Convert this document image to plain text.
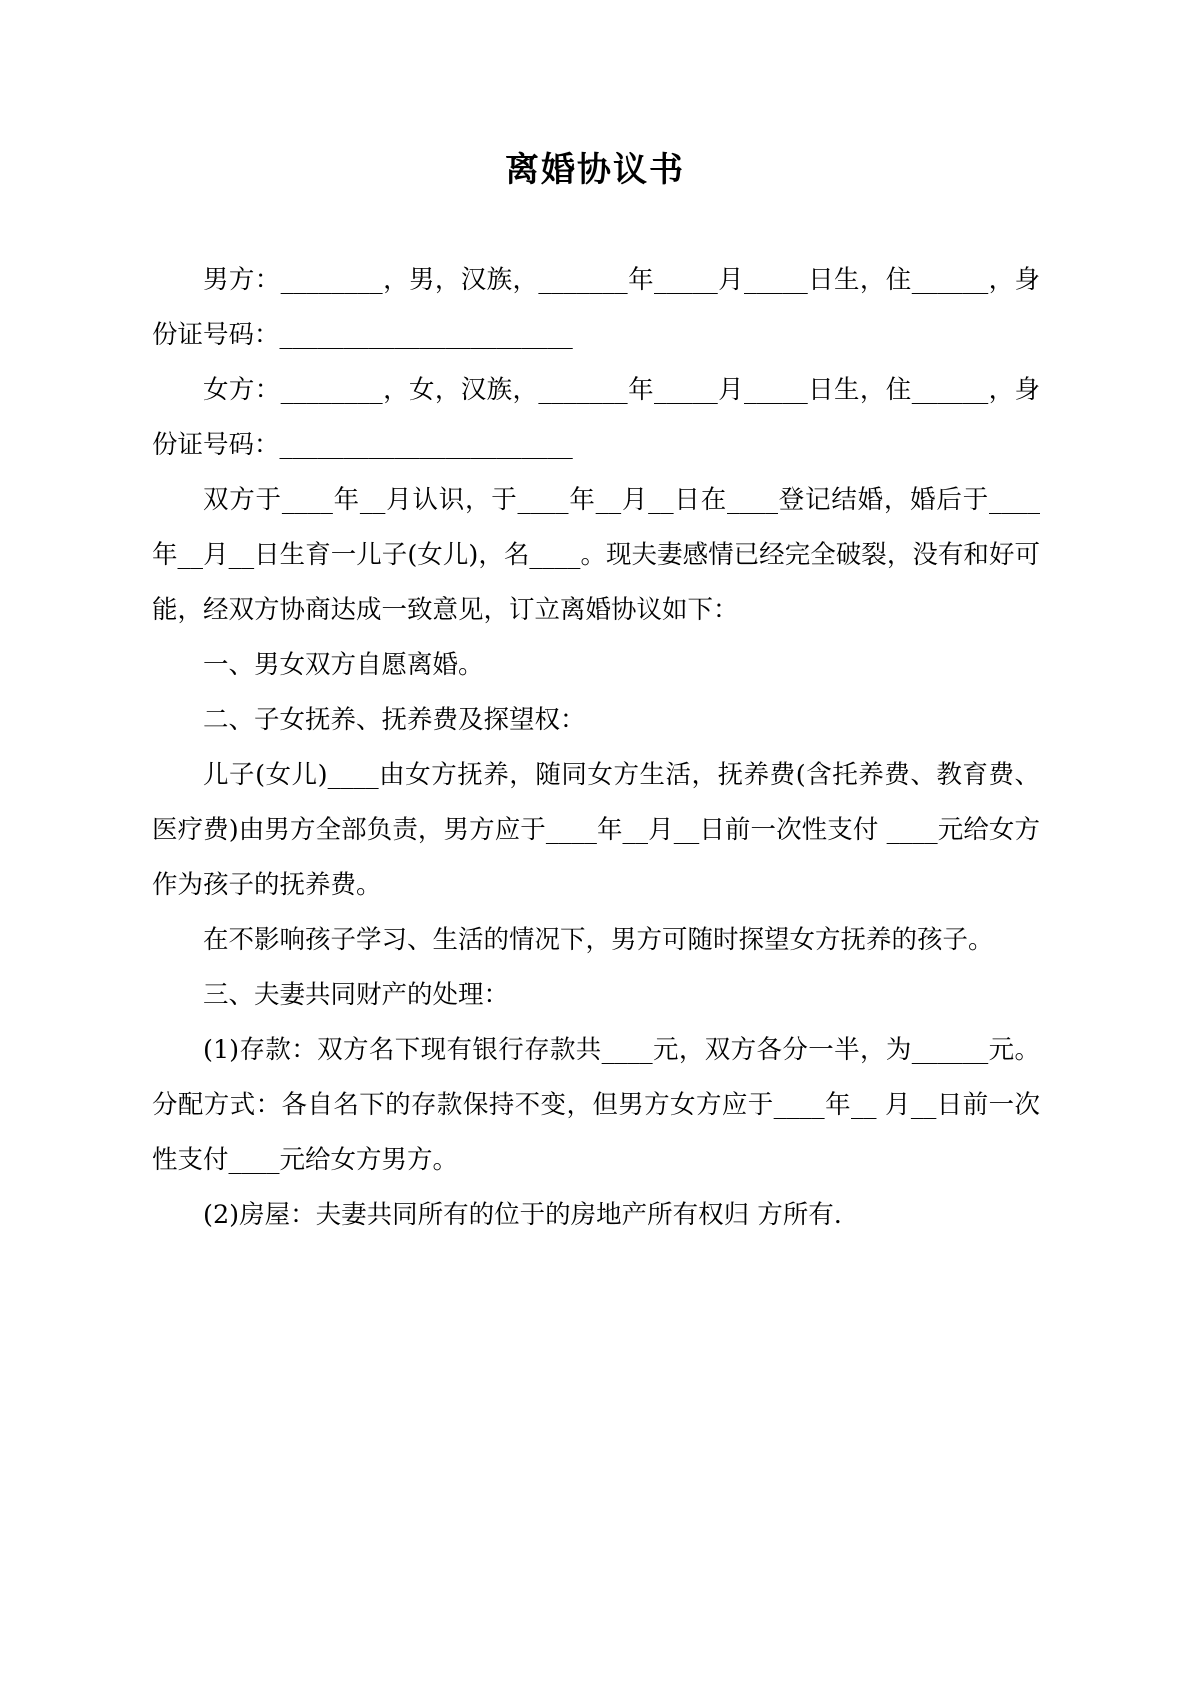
离婚协议书

男方：________，男，汉族，_______年_____月_____日生，住______，身份证号码：_______________________

女方：________，女，汉族，_______年_____月_____日生，住______，身份证号码：_______________________

双方于____年__月认识，于____年__月__日在____登记结婚，婚后于____年__月__日生育一儿子(女儿)，名____。现夫妻感情已经完全破裂，没有和好可能，经双方协商达成一致意见，订立离婚协议如下：

一、男女双方自愿离婚。

二、子女抚养、抚养费及探望权：

儿子(女儿)____由女方抚养，随同女方生活，抚养费(含托养费、教育费、医疗费)由男方全部负责，男方应于____年__月__日前一次性支付 ____元给女方作为孩子的抚养费。

在不影响孩子学习、生活的情况下，男方可随时探望女方抚养的孩子。

三、夫妻共同财产的处理：

(1)存款：双方名下现有银行存款共____元，双方各分一半，为______元。分配方式：各自名下的存款保持不变，但男方女方应于____年__ 月__日前一次性支付____元给女方男方。

(2)房屋：夫妻共同所有的位于的房地产所有权归 方所有.
